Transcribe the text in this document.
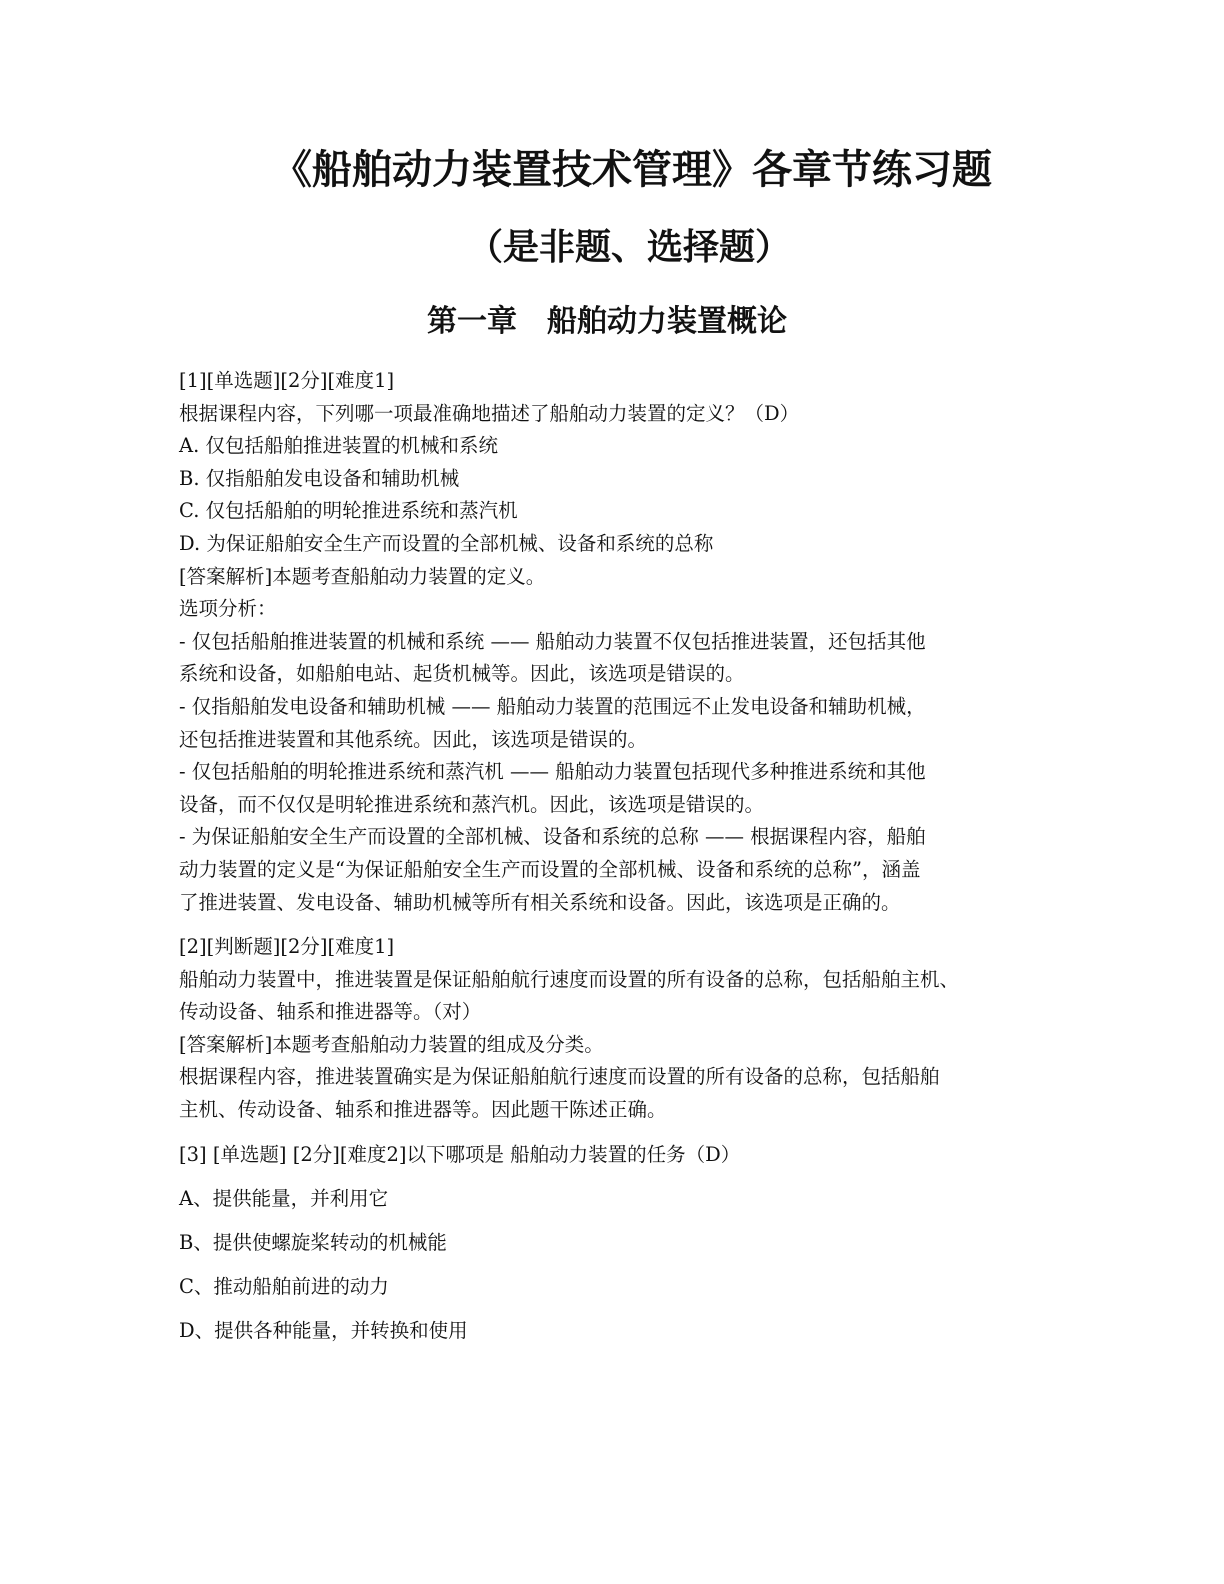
《船舶动力装置技术管理》各章节练习题
（是非题、选择题）
第一章　船舶动力装置概论

[1][单选题][2分][难度1]

根据课程内容，下列哪一项最准确地描述了船舶动力装置的定义？（D）

A. 仅包括船舶推进装置的机械和系统

B. 仅指船舶发电设备和辅助机械

C. 仅包括船舶的明轮推进系统和蒸汽机

D. 为保证船舶安全生产而设置的全部机械、设备和系统的总称

[答案解析]本题考查船舶动力装置的定义。

选项分析：

- 仅包括船舶推进装置的机械和系统 —— 船舶动力装置不仅包括推进装置，还包括其他

系统和设备，如船舶电站、起货机械等。因此，该选项是错误的。

- 仅指船舶发电设备和辅助机械 —— 船舶动力装置的范围远不止发电设备和辅助机械，

还包括推进装置和其他系统。因此，该选项是错误的。

- 仅包括船舶的明轮推进系统和蒸汽机 —— 船舶动力装置包括现代多种推进系统和其他

设备，而不仅仅是明轮推进系统和蒸汽机。因此，该选项是错误的。

- 为保证船舶安全生产而设置的全部机械、设备和系统的总称 —— 根据课程内容，船舶

动力装置的定义是“为保证船舶安全生产而设置的全部机械、设备和系统的总称”，涵盖

了推进装置、发电设备、辅助机械等所有相关系统和设备。因此，该选项是正确的。

[2][判断题][2分][难度1]

船舶动力装置中，推进装置是保证船舶航行速度而设置的所有设备的总称，包括船舶主机、

传动设备、轴系和推进器等。（对）

[答案解析]本题考查船舶动力装置的组成及分类。

根据课程内容，推进装置确实是为保证船舶航行速度而设置的所有设备的总称，包括船舶

主机、传动设备、轴系和推进器等。因此题干陈述正确。

[3] [单选题] [2分][难度2]以下哪项是 船舶动力装置的任务（D）

A、提供能量，并利用它

B、提供使螺旋桨转动的机械能

C、推动船舶前进的动力

D、提供各种能量，并转换和使用
